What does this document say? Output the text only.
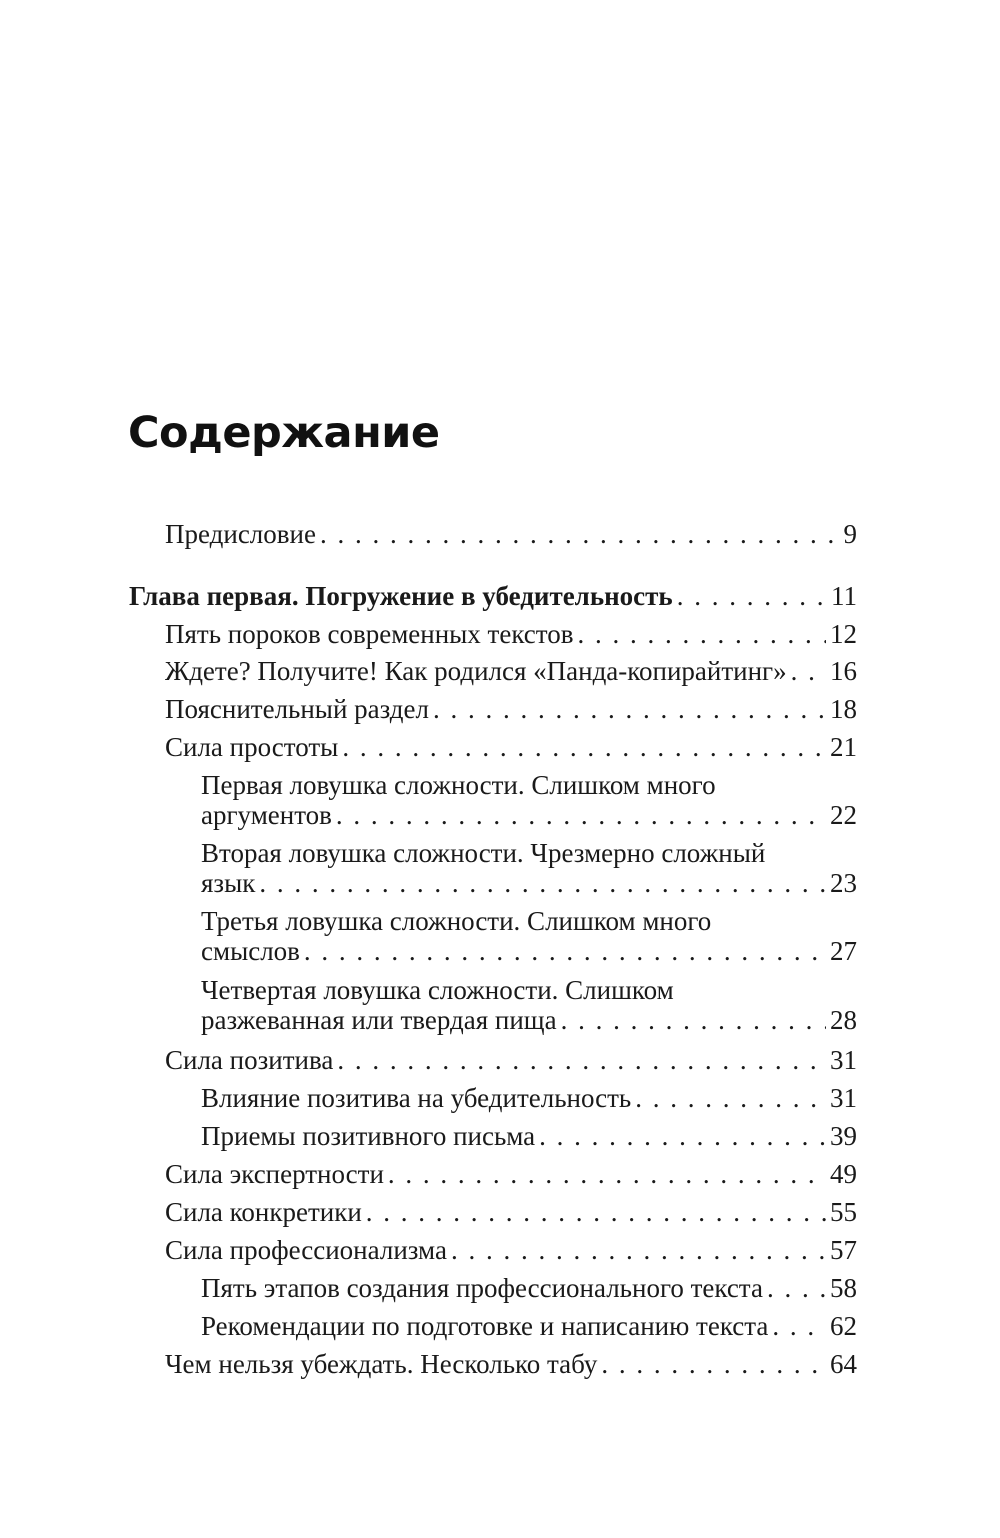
Содержание
Предисловие . . .	9
Глава первая. Погружение в убедительность . . .	11
Пять пороков современных текстов . . .	12
Ждете? Получите! Как родился «Панда-копирайтинг» . . . 16
Пояснительный раздел . . .	18
Сила простоты . . .	21
Первая ловушка сложности. Слишком много
аргументов . . .	22
Вторая ловушка сложности. Чрезмерно сложный
язык . . .	23
Третья ловушка сложности. Слишком много
смыслов . . .	27
Четвертая ловушка сложности. Слишком
разжеванная или твердая пища . . .	28
Сила позитива . . .	31
Влияние позитива на убедительность . . .	31
Приемы позитивного письма . . .	39
Сила экспертности . . .	49
Сила конкретики . . .	55
Сила профессионализма . . .	57
Пять этапов создания профессионального текста . . . 58
Рекомендации по подготовке и написанию текста . . . 62
Чем нельзя убеждать. Несколько табу . . .	64
